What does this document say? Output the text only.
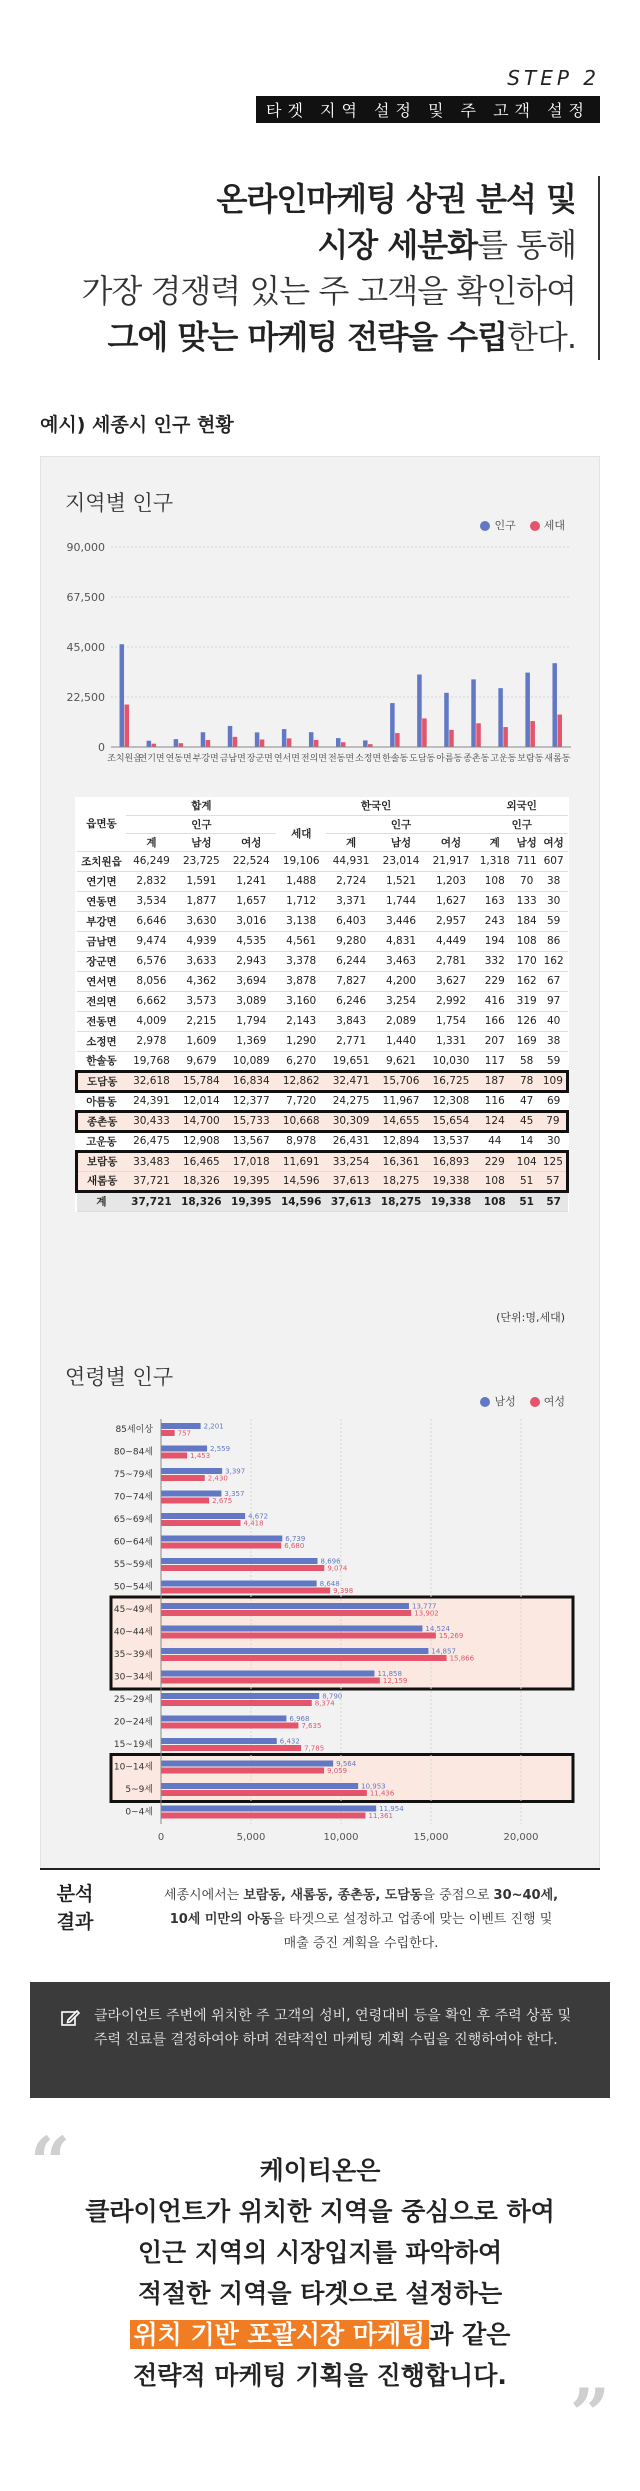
STEP 2
타겟 지역 설정 및 주 고객 설정
온라인마케팅 상권 분석 및
시장 세분화를 통해
가장 경쟁력 있는 주 고객을 확인하여
그에 맞는 마케팅 전략을 수립한다.
예시) 세종시 인구 현황
지역별 인구
인구	세대
0
22,500
45,000
67,500
90,000
조치원읍
연기면 연동면 부강면 금남면 장군면 연서면 전의면 전동면 소정면 한솔동 도담동 아름동 종촌동 고운동 보람동 새롬동
읍면동	합계			한국인				외국인		
	인구			세대	인구			인구		
	계	남성	여성		계	남성	여성	계	남성	여성
조치원읍	46,249	23,725	22,524	19,106	44,931	23,014	21,917	1,318	711	607
연기면	2,832	1,591	1,241	1,488	2,724	1,521	1,203	108	70	38
연동면	3,534	1,877	1,657	1,712	3,371	1,744	1,627	163	133	30
부강면	6,646	3,630	3,016	3,138	6,403	3,446	2,957	243	184	59
금남면	9,474	4,939	4,535	4,561	9,280	4,831	4,449	194	108	86
장군면	6,576	3,633	2,943	3,378	6,244	3,463	2,781	332	170	162
연서면	8,056	4,362	3,694	3,878	7,827	4,200	3,627	229	162	67
전의면	6,662	3,573	3,089	3,160	6,246	3,254	2,992	416	319	97
전동면	4,009	2,215	1,794	2,143	3,843	2,089	1,754	166	126	40
소정면	2,978	1,609	1,369	1,290	2,771	1,440	1,331	207	169	38
한솔동	19,768	9,679	10,089	6,270	19,651	9,621	10,030	117	58	59
도담동	32,618	15,784	16,834	12,862	32,471	15,706	16,725	187	78	109
아름동	24,391	12,014	12,377	7,720	24,275	11,967	12,308	116	47	69
종촌동	30,433	14,700	15,733	10,668	30,309	14,655	15,654	124	45	79
고운동	26,475	12,908	13,567	8,978	26,431	12,894	13,537	44	14	30
보람동	33,483	16,465	17,018	11,691	33,254	16,361	16,893	229	104	125
새롬동	37,721	18,326	19,395	14,596	37,613	18,275	19,338	108	51	57
계	37,721	18,326	19,395	14,596	37,613	18,275	19,338	108	51	57
(단위:명,세대)
연령별 인구
남성	여성
0	5,000	10,000	15,000	20,000
85세이상	2,201
757
80~84세	2,559
1,453
75~79세	3,397
2,430
70~74세	3,357
2,675
65~69세	4,672
4,418
60~64세	6,739
6,680
55~59세	8,696
9,074
50~54세	8,648
9,398
45~49세	13,777
13,902
40~44세	14,524
15,269
35~39세	14,857
15,866
30~34세	11,858
12,159
25~29세	8,790
8,374
20~24세	6,968
7,635
15~19세	6,432
7,785
10~14세	9,564
9,059
5~9세	10,953
11,436
0~4세	11,954
11,361
분석
결과
세종시에서는 보람동, 새롬동, 종촌동, 도담동을 중점으로 30~40세,
10세 미만의 아동을 타겟으로 설정하고 업종에 맞는 이벤트 진행 및
매출 증진 계획을 수립한다.
클라이언트 주변에 위치한 주 고객의 성비, 연령대비 등을 확인 후 주력 상품 및 주력 진료를 결정하여야 하며 전략적인 마케팅 계획 수립을 진행하여야 한다.
“	케이티온은
클라이언트가 위치한 지역을 중심으로 하여
인근 지역의 시장입지를 파악하여
적절한 지역을 타겟으로 설정하는
위치 기반 포괄시장 마케팅 과 같은
전략적 마케팅 기획을 진행합니다. ”
